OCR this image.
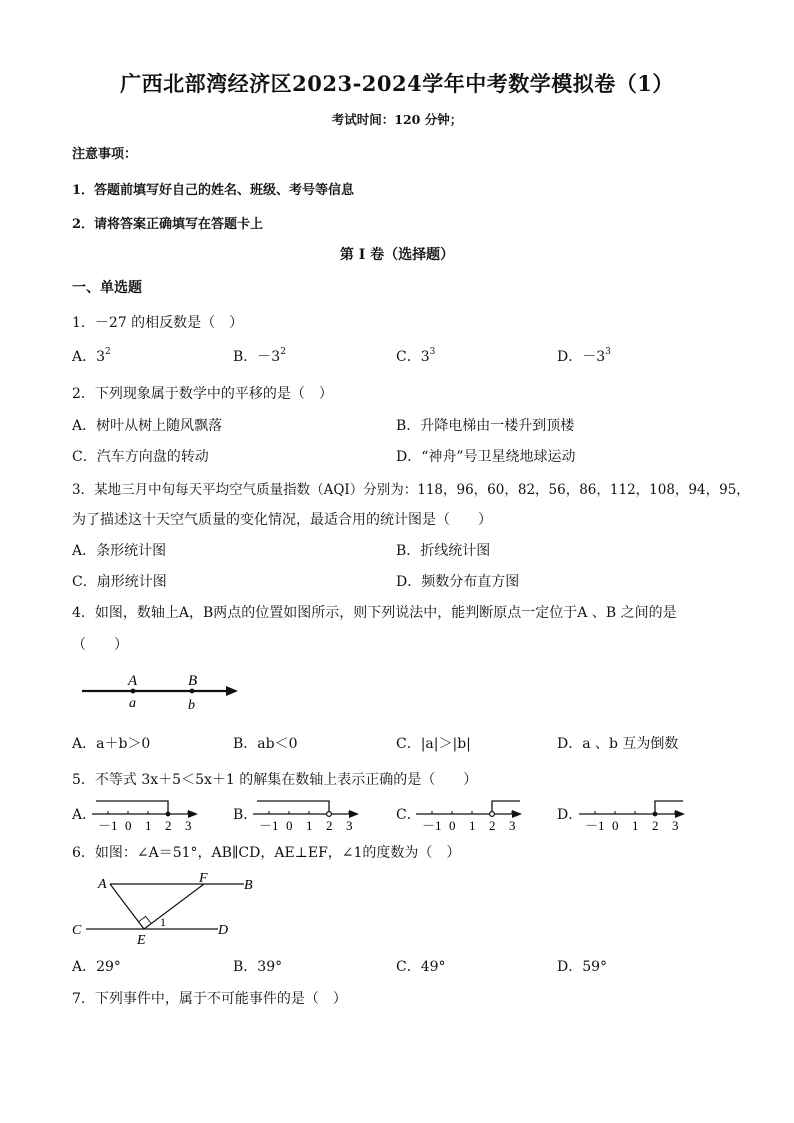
广西北部湾经济区2023-2024学年中考数学模拟卷（1）
考试时间：120 分钟；
注意事项：
1．答题前填写好自己的姓名、班级、考号等信息
2．请将答案正确填写在答题卡上
第 I 卷（选择题）
一、单选题
1．－27 的相反数是（　）
A．$3^2$	B．$-3^2$	C．$3^3$	D．$-3^3$
2．下列现象属于数学中的平移的是（　）
A．树叶从树上随风飘落	B．升降电梯由一楼升到顶楼
C．汽车方向盘的转动	D．“神舟”号卫星绕地球运动
3．某地三月中旬每天平均空气质量指数（AQI）分别为：118，96，60，82，56，86，112，108，94，95，
为了描述这十天空气质量的变化情况，最适合用的统计图是（　　）
A．条形统计图	B．折线统计图
C．扇形统计图	D．频数分布直方图
4．如图，数轴上A，B两点的位置如图所示，则下列说法中，能判断原点一定位于A 、B 之间的是
（　　）
A	B
a	b
A．a＋b＞0	B．ab＜0	C．|a|＞|b|	D．a 、b 互为倒数
5．不等式 3x＋5＜5x＋1 的解集在数轴上表示正确的是（　　）
A．
－1 0 1 2 3
B．
－1 0 1 2 3
C．
－1 0 1 2 3
D．
－1 0 1 2 3
6．如图：∠A＝51°，AB∥CD，AE⊥EF，∠1的度数为（　）
A	F	B
C
E
D
1
A．29°	B．39°	C．49°	D．59°
7．下列事件中，属于不可能事件的是（　）
